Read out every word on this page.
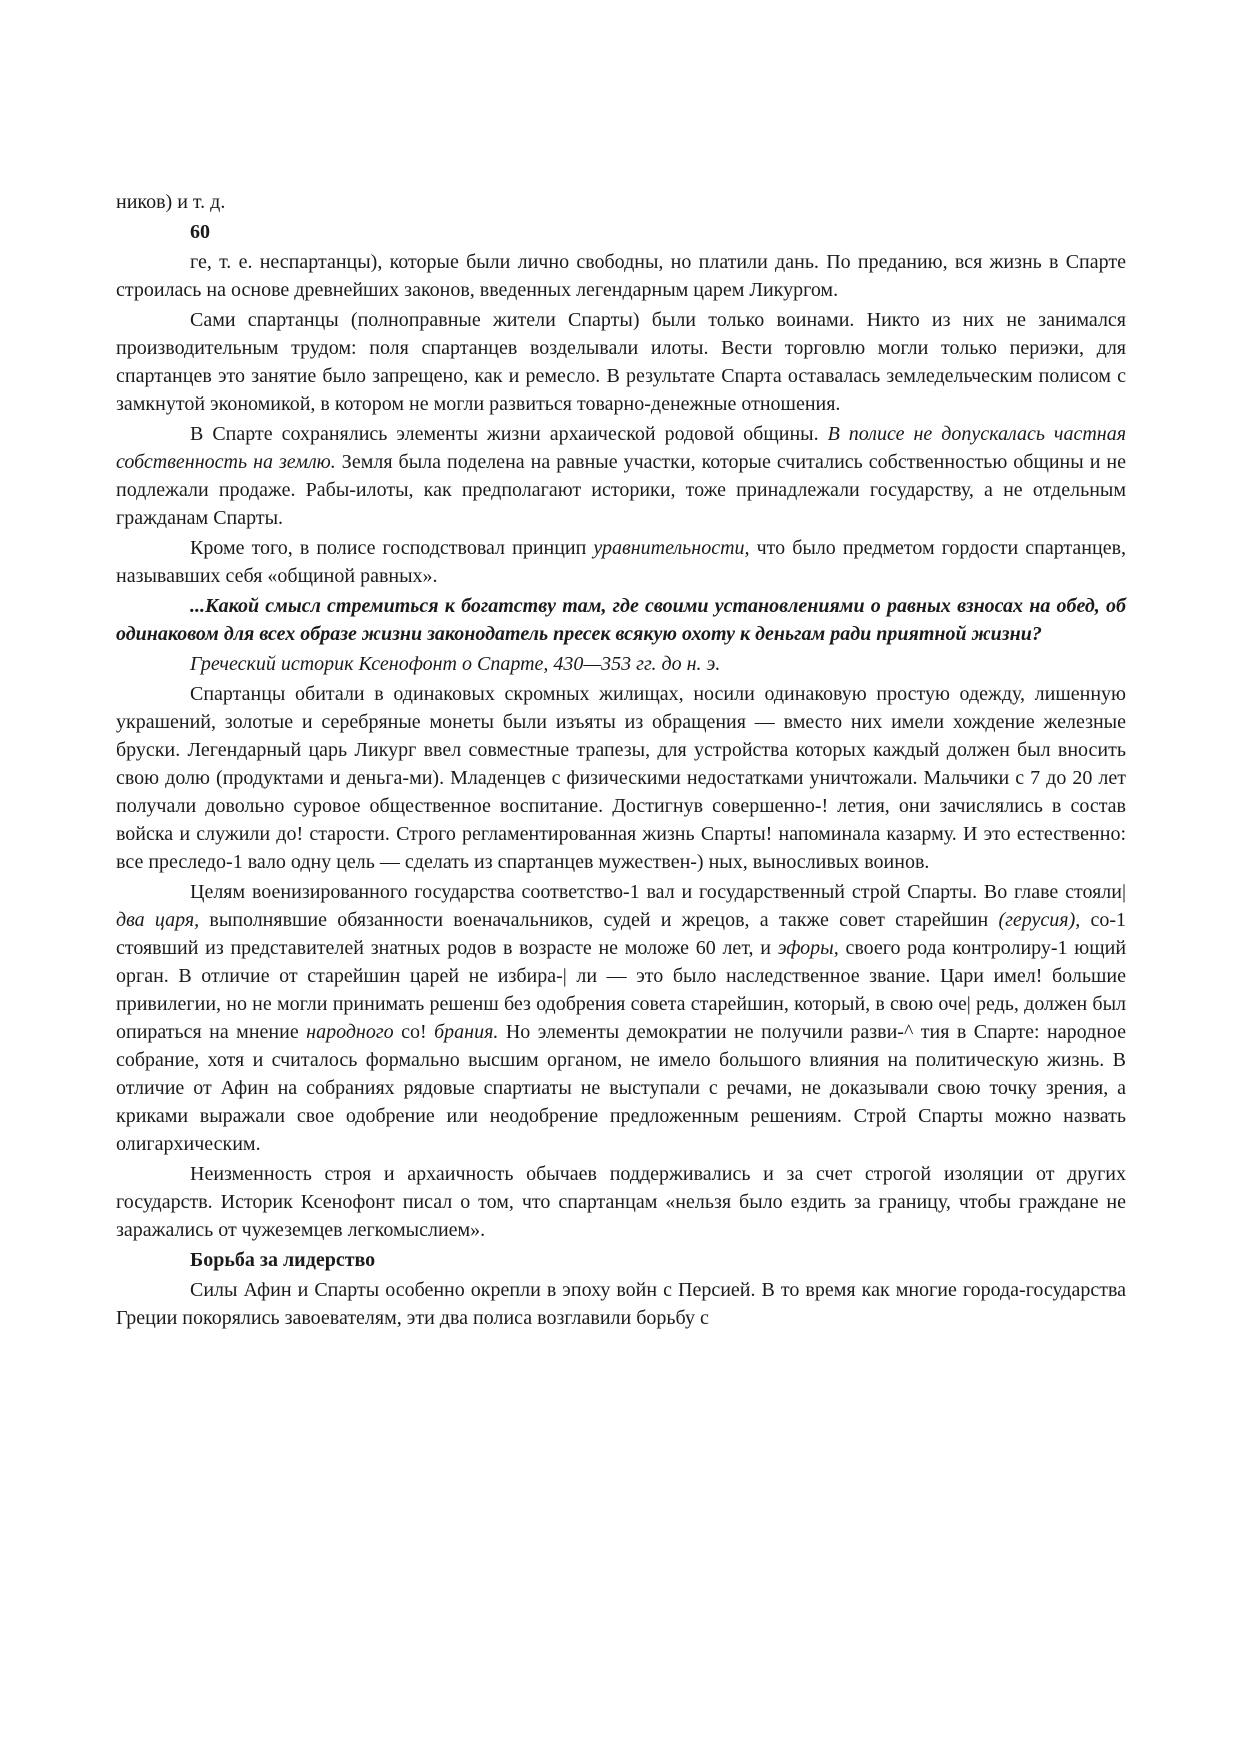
ников) и т. д.

60

ге, т. е. неспартанцы), которые были лично свободны, но платили дань. По преданию, вся жизнь в Спарте строилась на основе древнейших законов, введенных легендарным царем Ликургом.

Сами спартанцы (полноправные жители Спарты) были только воинами. Никто из них не занимался производительным трудом: поля спартанцев возделывали илоты. Вести торговлю могли только периэки, для спартанцев это занятие было запрещено, как и ремесло. В результате Спарта оставалась земледельческим полисом с замкнутой экономикой, в котором не могли развиться товарно-денежные отношения.

В Спарте сохранялись элементы жизни архаической родовой общины. В полисе не допускалась частная собственность на землю. Земля была поделена на равные участки, которые считались собственностью общины и не подлежали продаже. Рабы-илоты, как предполагают историки, тоже принадлежали государству, а не отдельным гражданам Спарты.

Кроме того, в полисе господствовал принцип уравнительности, что было предметом гордости спартанцев, называвших себя «общиной равных».

...Какой смысл стремиться к богатству там, где своими установлениями о равных взносах на обед, об одинаковом для всех образе жизни законодатель пресек всякую охоту к деньгам ради приятной жизни?

Греческий историк Ксенофонт о Спарте, 430—353 гг. до н. э.

Спартанцы обитали в одинаковых скромных жилищах, носили одинаковую простую одежду, лишенную украшений, золотые и серебряные монеты были изъяты из обращения — вместо них имели хождение железные бруски. Легендарный царь Ликург ввел совместные трапезы, для устройства которых каждый должен был вносить свою долю (продуктами и деньга-ми). Младенцев с физическими недостатками уничтожали. Мальчики с 7 до 20 лет получали довольно суровое общественное воспитание. Достигнув совершенно-! летия, они зачислялись в состав войска и служили до! старости. Строго регламентированная жизнь Спарты! напоминала казарму. И это естественно: все преследо-1 вало одну цель — сделать из спартанцев мужествен-) ных, выносливых воинов.

Целям военизированного государства соответство-1 вал и государственный строй Спарты. Во главе стояли| два царя, выполнявшие обязанности военачальников, судей и жрецов, а также совет старейшин (герусия), со-1 стоявший из представителей знатных родов в возрасте не моложе 60 лет, и эфоры, своего рода контролиру-1 ющий орган. В отличие от старейшин царей не избира-| ли — это было наследственное звание. Цари имел! большие привилегии, но не могли принимать решенш без одобрения совета старейшин, который, в свою оче| редь, должен был опираться на мнение народного со! брания. Но элементы демократии не получили разви-^ тия в Спарте: народное собрание, хотя и считалось формально высшим органом, не имело большого влияния на политическую жизнь. В отличие от Афин на собраниях рядовые спартиаты не выступали с речами, не доказывали свою точку зрения, а криками выражали свое одобрение или неодобрение предложенным решениям. Строй Спарты можно назвать олигархическим.

Неизменность строя и архаичность обычаев поддерживались и за счет строгой изоляции от других государств. Историк Ксенофонт писал о том, что спартанцам «нельзя было ездить за границу, чтобы граждане не заражались от чужеземцев легкомыслием».

Борьба за лидерство

Силы Афин и Спарты особенно окрепли в эпоху войн с Персией. В то время как многие города-государства Греции покорялись завоевателям, эти два полиса возглавили борьбу с
